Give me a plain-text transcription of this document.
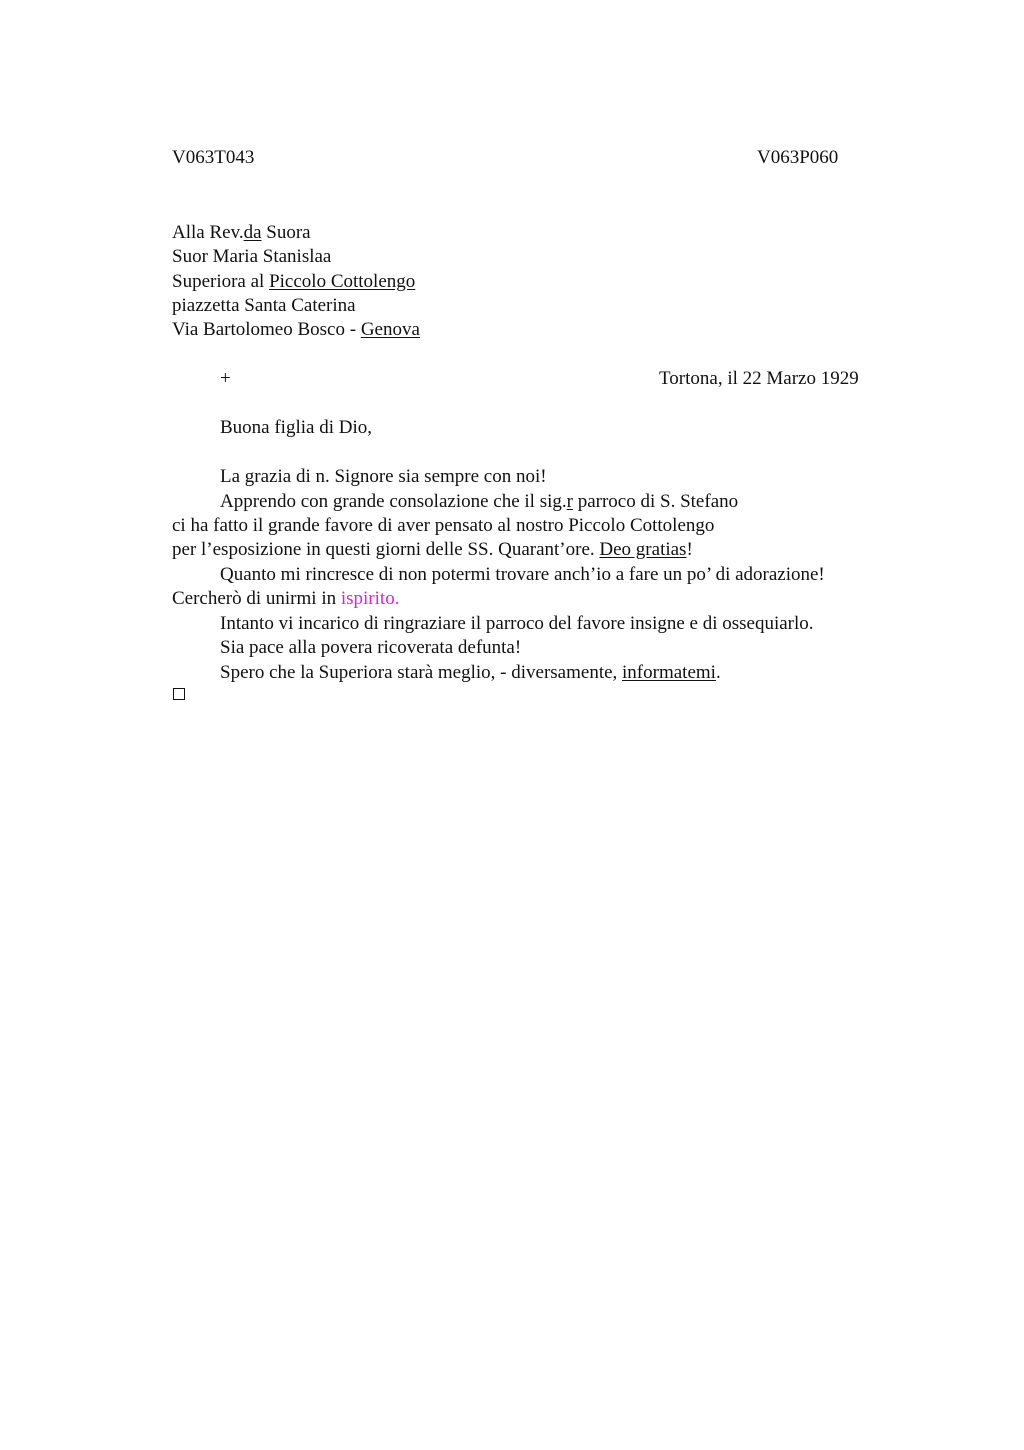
V063T043	V063P060
Alla Rev.da Suora
Suor Maria Stanislaa
Superiora al Piccolo Cottolengo
piazzetta Santa Caterina
Via Bartolomeo Bosco - Genova
+	Tortona, il 22 Marzo 1929
Buona figlia di Dio,
La grazia di n. Signore sia sempre con noi!
Apprendo con grande consolazione che il sig.r parroco di S. Stefano
ci ha fatto il grande favore di aver pensato al nostro Piccolo Cottolengo
per l’esposizione in questi giorni delle SS. Quarant’ore. Deo gratias!
Quanto mi rincresce di non potermi trovare anch’io a fare un po’ di adorazione!
Cercherò di unirmi in ispirito.
Intanto vi incarico di ringraziare il parroco del favore insigne e di ossequiarlo.
Sia pace alla povera ricoverata defunta!
Spero che la Superiora starà meglio, - diversamente, informatemi.
